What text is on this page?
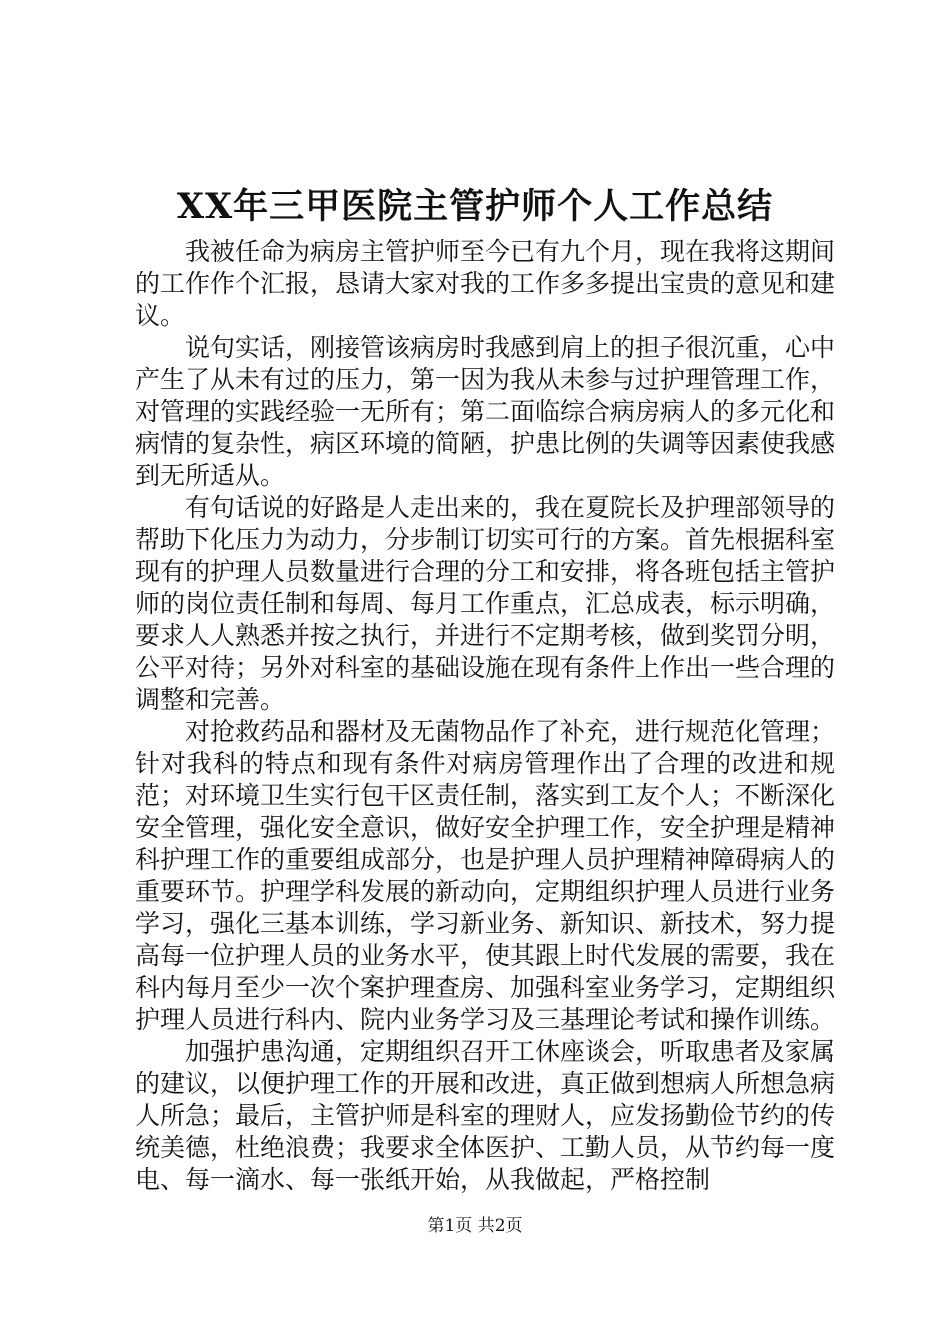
XX年三甲医院主管护师个人工作总结

我被任命为病房主管护师至今已有九个月，现在我将这期间的工作作个汇报，恳请大家对我的工作多多提出宝贵的意见和建议。

说句实话，刚接管该病房时我感到肩上的担子很沉重，心中产生了从未有过的压力，第一因为我从未参与过护理管理工作，对管理的实践经验一无所有；第二面临综合病房病人的多元化和病情的复杂性，病区环境的简陋，护患比例的失调等因素使我感到无所适从。

有句话说的好路是人走出来的，我在夏院长及护理部领导的帮助下化压力为动力，分步制订切实可行的方案。首先根据科室现有的护理人员数量进行合理的分工和安排，将各班包括主管护师的岗位责任制和每周、每月工作重点，汇总成表，标示明确，要求人人熟悉并按之执行，并进行不定期考核，做到奖罚分明，公平对待；另外对科室的基础设施在现有条件上作出一些合理的调整和完善。

对抢救药品和器材及无菌物品作了补充，进行规范化管理；针对我科的特点和现有条件对病房管理作出了合理的改进和规范；对环境卫生实行包干区责任制，落实到工友个人；不断深化安全管理，强化安全意识，做好安全护理工作，安全护理是精神科护理工作的重要组成部分，也是护理人员护理精神障碍病人的重要环节。护理学科发展的新动向，定期组织护理人员进行业务学习，强化三基本训练，学习新业务、新知识、新技术，努力提高每一位护理人员的业务水平，使其跟上时代发展的需要，我在科内每月至少一次个案护理查房、加强科室业务学习，定期组织护理人员进行科内、院内业务学习及三基理论考试和操作训练。

加强护患沟通，定期组织召开工休座谈会，听取患者及家属的建议，以便护理工作的开展和改进，真正做到想病人所想急病人所急；最后，主管护师是科室的理财人，应发扬勤俭节约的传统美德，杜绝浪费；我要求全体医护、工勤人员，从节约每一度电、每一滴水、每一张纸开始，从我做起，严格控制

第1页 共2页
